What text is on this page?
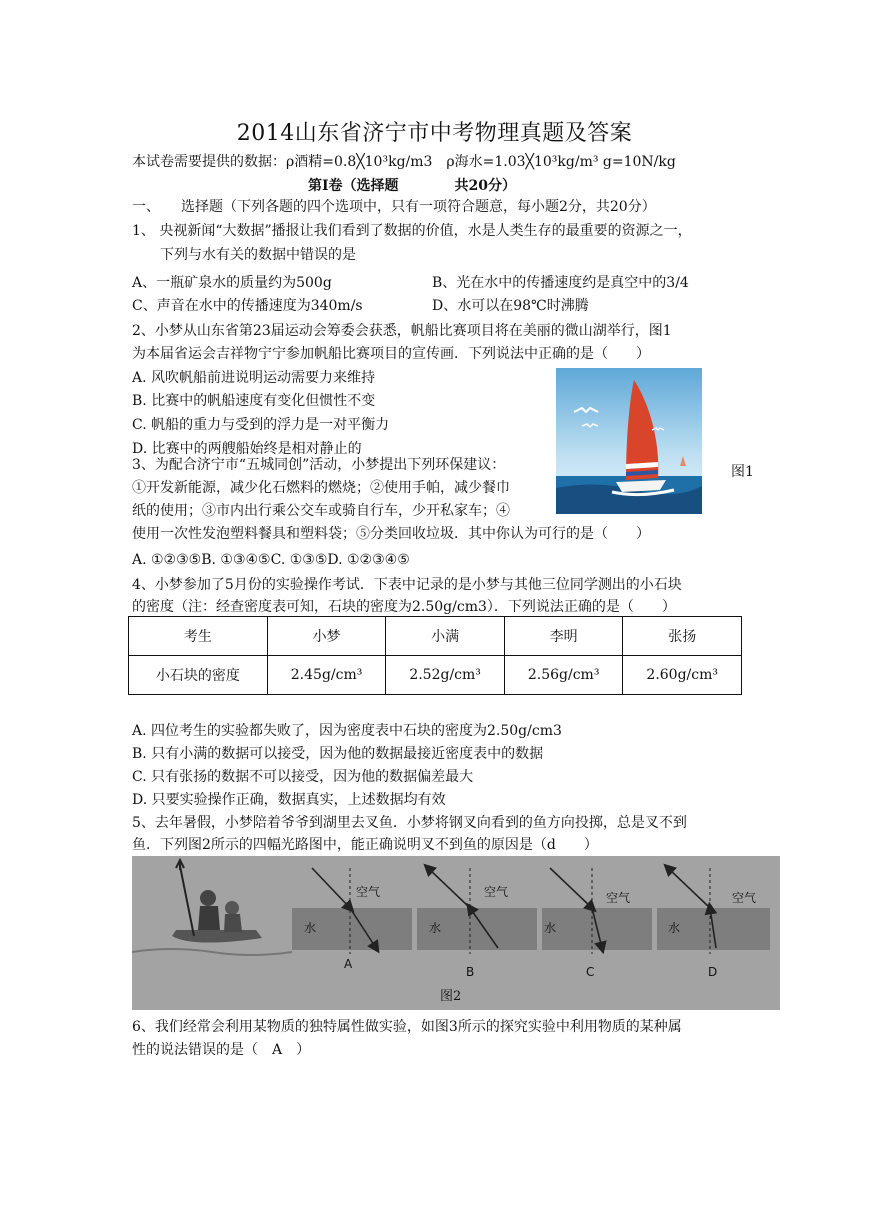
2014山东省济宁市中考物理真题及答案
本试卷需要提供的数据：ρ酒精=0.8╳10³kg/m3　ρ海水=1.03╳10³kg/m³ g=10N/kg
第Ⅰ卷（选择题　　　　共20分）
一、　　选择题（下列各题的四个选项中，只有一项符合题意，每小题2分，共20分）
1、 央视新闻“大数据”播报让我们看到了数据的价值，水是人类生存的最重要的资源之一，
下列与水有关的数据中错误的是
A、一瓶矿泉水的质量约为500g	B、光在水中的传播速度约是真空中的3/4
C、声音在水中的传播速度为340m/s	D、水可以在98℃时沸腾
2、小梦从山东省第23届运动会筹委会获悉，帆船比赛项目将在美丽的微山湖举行，图1
为本届省运会吉祥物宁宁参加帆船比赛项目的宣传画．下列说法中正确的是（　　）
A. 风吹帆船前进说明运动需要力来维持
B. 比赛中的帆船速度有变化但惯性不变
C. 帆船的重力与受到的浮力是一对平衡力
D. 比赛中的两艘船始终是相对静止的
图1
3、为配合济宁市“五城同创”活动，小梦提出下列环保建议：
①开发新能源，减少化石燃料的燃烧；②使用手帕，减少餐巾
纸的使用；③市内出行乘公交车或骑自行车，少开私家车；④
使用一次性发泡塑料餐具和塑料袋；⑤分类回收垃圾．其中你认为可行的是（　　）
A. ①②③⑤B. ①③④⑤C. ①③⑤D. ①②③④⑤
4、小梦参加了5月份的实验操作考试．下表中记录的是小梦与其他三位同学测出的小石块
的密度（注：经查密度表可知，石块的密度为2.50g/cm3）．下列说法正确的是（　　）
考生	小梦	小满	李明	张扬
小石块的密度	2.45g/cm³	2.52g/cm³	2.56g/cm³	2.60g/cm³
A. 四位考生的实验都失败了，因为密度表中石块的密度为2.50g/cm3
B. 只有小满的数据可以接受，因为他的数据最接近密度表中的数据
C. 只有张扬的数据不可以接受，因为他的数据偏差最大
D. 只要实验操作正确，数据真实，上述数据均有效
5、去年暑假，小梦陪着爷爷到湖里去叉鱼．小梦将钢叉向看到的鱼方向投掷，总是叉不到
鱼．下列图2所示的四幅光路图中，能正确说明叉不到鱼的原因是（d　　）
水	水	水	水
空气	空气	空气	空气
A
B	C	D
图2
6、我们经常会利用某物质的独特属性做实验，如图3所示的探究实验中利用物质的某种属
性的说法错误的是（　A　）
